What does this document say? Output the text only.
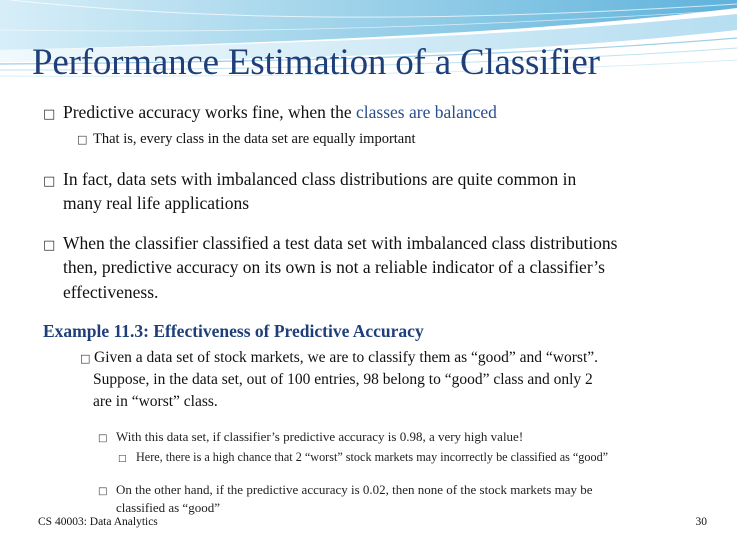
Performance Estimation of a Classifier
□ Predictive accuracy works fine, when the classes are balanced
□ That is, every class in the data set are equally important
□ In fact, data sets with imbalanced class distributions are quite common in
many real life applications
□ When the classifier classified a test data set with imbalanced class distributions
then, predictive accuracy on its own is not a reliable indicator of a classifier’s
effectiveness.
Example 11.3: Effectiveness of Predictive Accuracy
□ Given a data set of stock markets, we are to classify them as “good” and “worst”.
Suppose, in the data set, out of 100 entries, 98 belong to “good” class and only 2
are in “worst” class.
□ With this data set, if classifier’s predictive accuracy is 0.98, a very high value!
□ Here, there is a high chance that 2 “worst” stock markets may incorrectly be classified as “good”
□ On the other hand, if the predictive accuracy is 0.02, then none of the stock markets may be
classified as “good”
CS 40003: Data Analytics	30
